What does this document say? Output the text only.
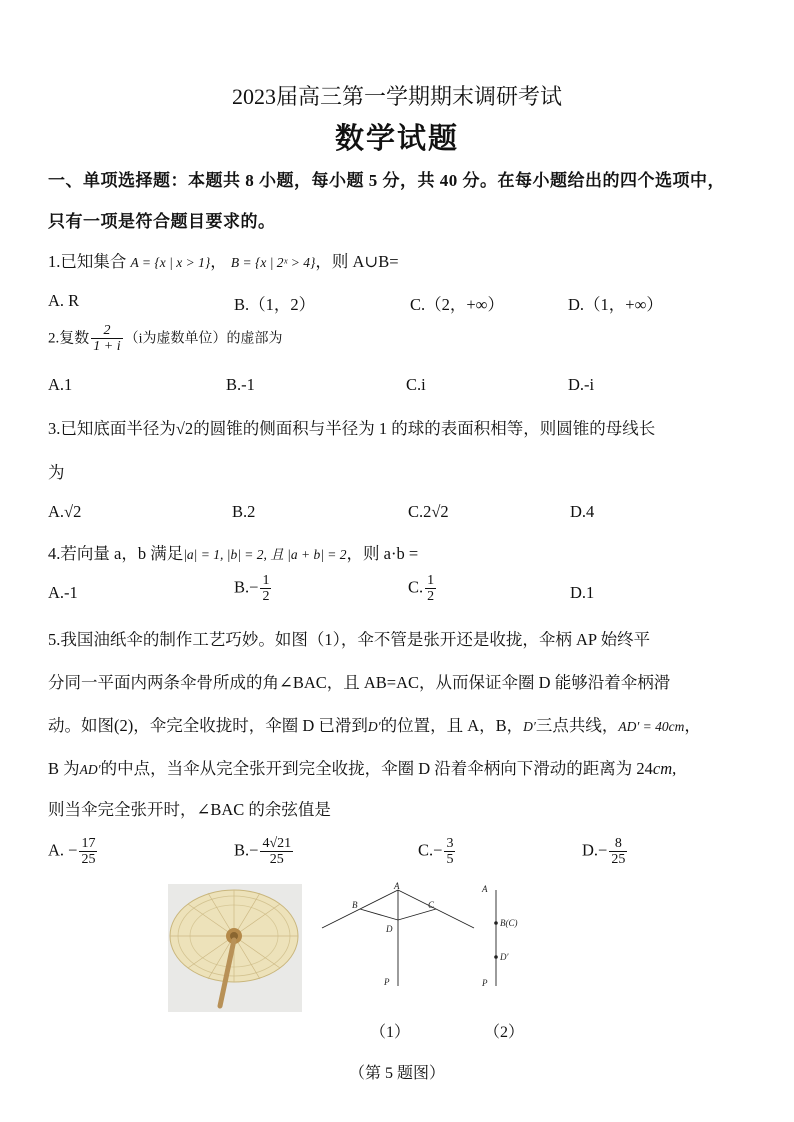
2023届高三第一学期期末调研考试
数学试题
一、单项选择题：本题共 8 小题，每小题 5 分，共 40 分。在每小题给出的四个选项中，
只有一项是符合题目要求的。
1.已知集合 A = {x | x > 1}， B = {x | 2ˣ > 4}，则 A∪B=
A. R	B.（1，2）	C.（2，+∞）	D.（1，+∞）
2.复数 $\frac{2}{1 + i} (i$为虚数单位）的虚部为
A.1	B.-1	C.i	D.-i
3.已知底面半径为√2的圆锥的侧面积与半径为 1 的球的表面积相等，则圆锥的母线长
为
A.√2	B.2	C.2√2	D.4
4.若向量 a，b 满足|a| = 1, |b| = 2, 且 |a + b| = 2，则 a·b =
A.-1	$B.- \frac{1}{2}$	C. $\frac{1}{2}$	D.1
5.我国油纸伞的制作工艺巧妙。如图（1），伞不管是张开还是收拢，伞柄 AP 始终平
分同一平面内两条伞骨所成的角∠BAC，且 AB=AC，从而保证伞圈 D 能够沿着伞柄滑
动。如图(2)，伞完全收拢时，伞圈 D 已滑到D′的位置，且 A，B，D′三点共线，AD′ = 40cm，
B 为AD′的中点，当伞从完全张开到完全收拢，伞圈 D 沿着伞柄向下滑动的距离为 24cm,
则当伞完全张开时，∠BAC 的余弦值是
A. − $\frac{17}{25}$	$B.- \frac{4√21}{25}$	$C.- \frac{3}{5}$	$D.- \frac{8}{25}$
A
B	C
D
P
A
B(C)
D′
P
（1）	（2）
（第 5 题图）
